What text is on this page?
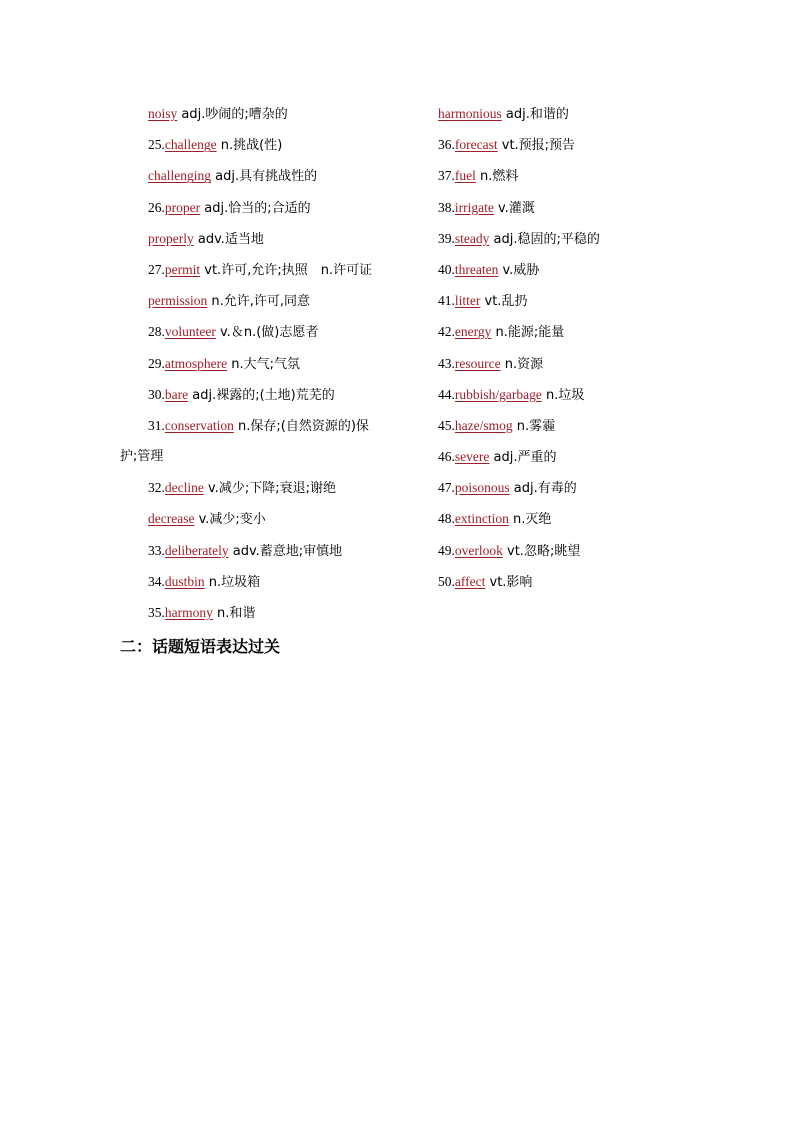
noisy adj.吵闹的;嘈杂的
25.challenge n.挑战(性)
challenging adj.具有挑战性的
26.proper adj.恰当的;合适的
properly adv.适当地
27.permit vt.许可,允许;执照　n.许可证
permission n.允许,许可,同意
28.volunteer v.＆n.(做)志愿者
29.atmosphere n.大气;气氛
30.bare adj.裸露的;(土地)荒芜的
31.conservation n.保存;(自然资源的)保
护;管理
32.decline v.减少;下降;衰退;谢绝
decrease v.减少;变小
33.deliberately adv.蓄意地;审慎地
34.dustbin n.垃圾箱
35.harmony n.和谐
harmonious adj.和谐的
36.forecast vt.预报;预告
37.fuel n.燃料
38.irrigate v.灌溉
39.steady adj.稳固的;平稳的
40.threaten v.威胁
41.litter vt.乱扔
42.energy n.能源;能量
43.resource n.资源
44.rubbish/garbage n.垃圾
45.haze/smog n.雾霾
46.severe adj.严重的
47.poisonous adj.有毒的
48.extinction n.灭绝
49.overlook vt.忽略;眺望
50.affect vt.影响
二：话题短语表达过关
